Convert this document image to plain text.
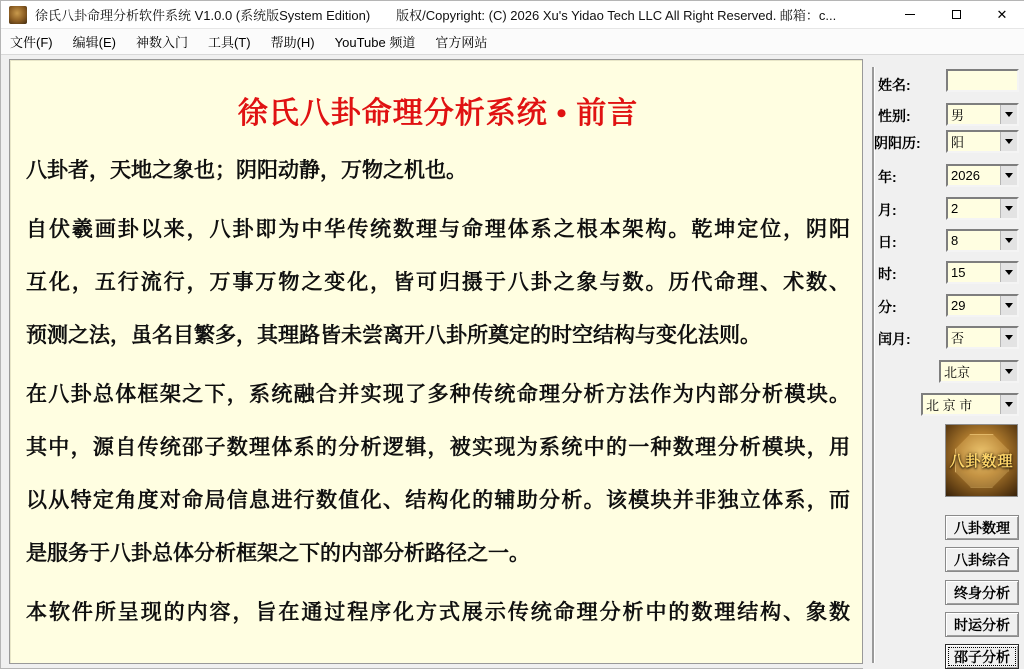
徐氏八卦命理分析软件系统 V1.0.0 (系统版System Edition) 版权/Copyright: (C) 2026 Xu's Yidao Tech LLC All Right Reserved. 邮箱：c...	✕
文件(F)	编辑(E)	神数入门	工具(T)	帮助(H)	YouTube 频道	官方网站
徐氏八卦命理分析系统 • 前言
八卦者，天地之象也；阴阳动静，万物之机也。
自伏羲画卦以来，八卦即为中华传统数理与命理体系之根本架构。乾坤定位，阴阳
互化，五行流行，万事万物之变化，皆可归摄于八卦之象与数。历代命理、术数、
预测之法，虽名目繁多，其理路皆未尝离开八卦所奠定的时空结构与变化法则。
在八卦总体框架之下，系统融合并实现了多种传统命理分析方法作为内部分析模块。
其中，源自传统邵子数理体系的分析逻辑，被实现为系统中的一种数理分析模块，用
以从特定角度对命局信息进行数值化、结构化的辅助分析。该模块并非独立体系，而
是服务于八卦总体分析框架之下的内部分析路径之一。
本软件所呈现的内容，旨在通过程序化方式展示传统命理分析中的数理结构、象数
姓名:
性别:	男
阴阳历: 阳
年:	2026
月:	2
日:	8
时:	15
分:	29
闰月:	否
北京
北 京 市
八卦数理
八卦数理
八卦综合
终身分析
时运分析
邵子分析
